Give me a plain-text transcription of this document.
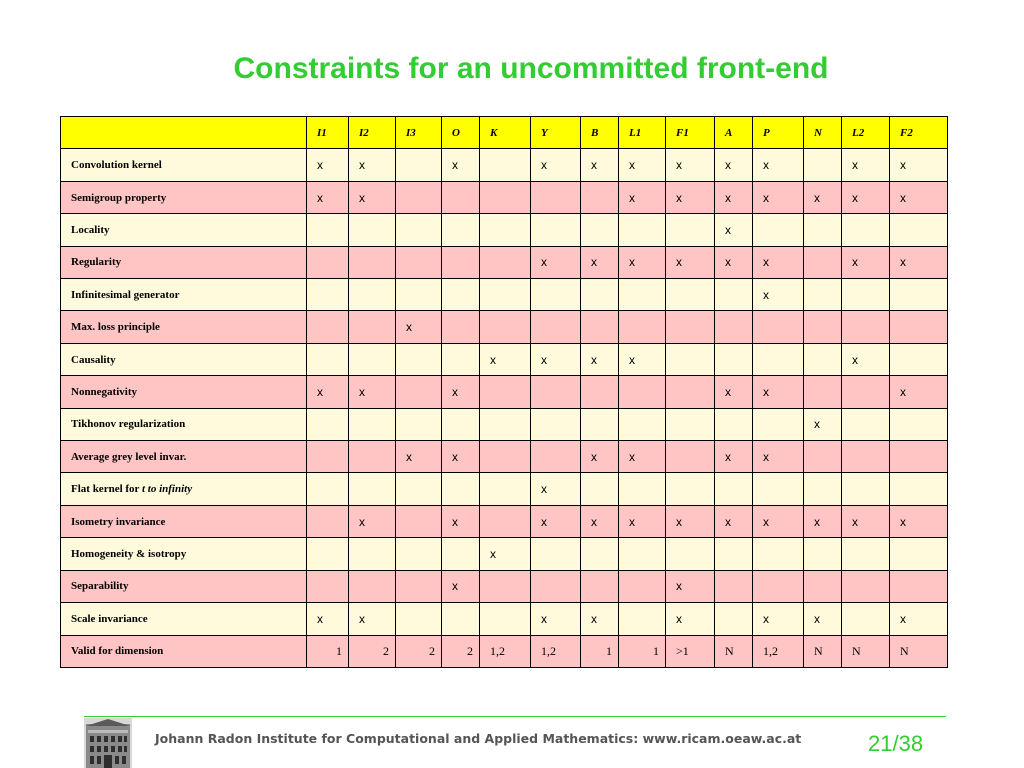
Constraints for an uncommitted front-end
	I1	I2	I3	O	K	Y	B	L1	F1	A	P	N	L2	F2
Convolution kernel	x	x		x		x	x	x	x	x	x		x	x
Semigroup property	x	x						x	x	x	x	x	x	x
Locality										x				
Regularity						x	x	x	x	x	x		x	x
Infinitesimal generator											x			
Max. loss principle			x											
Causality					x	x	x	x					x	
Nonnegativity	x	x		x						x	x			x
Tikhonov regularization												x		
Average grey level invar.			x	x			x	x		x	x			
Flat kernel for t to infinity						x								
Isometry invariance		x		x		x	x	x	x	x	x	x	x	x
Homogeneity & isotropy					x									
Separability				x					x					
Scale invariance	x	x				x	x		x		x	x		x
Valid for dimension	1	2	2	2	1,2	1,2	1	1	>1	N	1,2	N	N	N
Johann Radon Institute for Computational and Applied Mathematics: www.ricam.oeaw.ac.at	21/38
